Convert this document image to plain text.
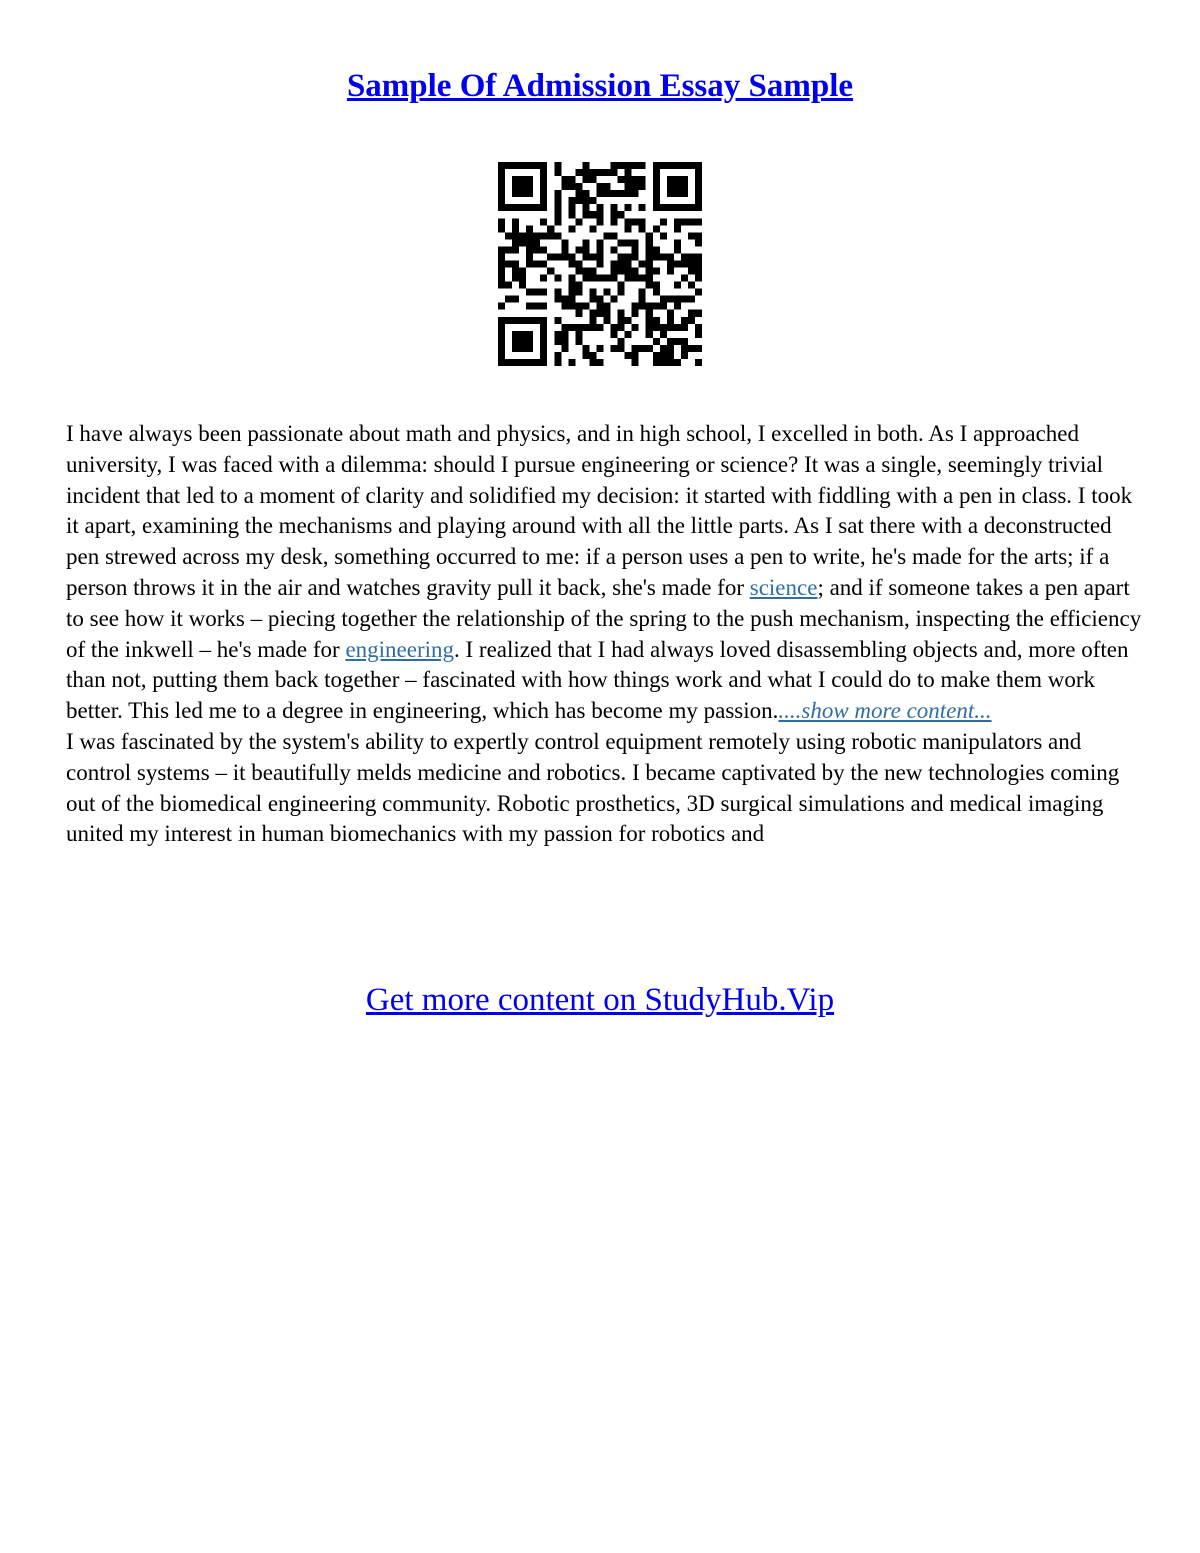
Sample Of Admission Essay Sample

I have always been passionate about math and physics, and in high school, I excelled in both. As I approached university, I was faced with a dilemma: should I pursue engineering or science? It was a single, seemingly trivial incident that led to a moment of clarity and solidified my decision: it started with fiddling with a pen in class. I took it apart, examining the mechanisms and playing around with all the little parts. As I sat there with a deconstructed pen strewed across my desk, something occurred to me: if a person uses a pen to write, he's made for the arts; if a person throws it in the air and watches gravity pull it back, she's made for science; and if someone takes a pen apart to see how it works – piecing together the relationship of the spring to the push mechanism, inspecting the efficiency of the inkwell – he's made for engineering. I realized that I had always loved disassembling objects and, more often than not, putting them back together – fascinated with how things work and what I could do to make them work better. This led me to a degree in engineering, which has become my passion.....show more content...

I was fascinated by the system's ability to expertly control equipment remotely using robotic manipulators and control systems – it beautifully melds medicine and robotics. I became captivated by the new technologies coming out of the biomedical engineering community. Robotic prosthetics, 3D surgical simulations and medical imaging united my interest in human biomechanics with my passion for robotics and

Get more content on StudyHub.Vip
